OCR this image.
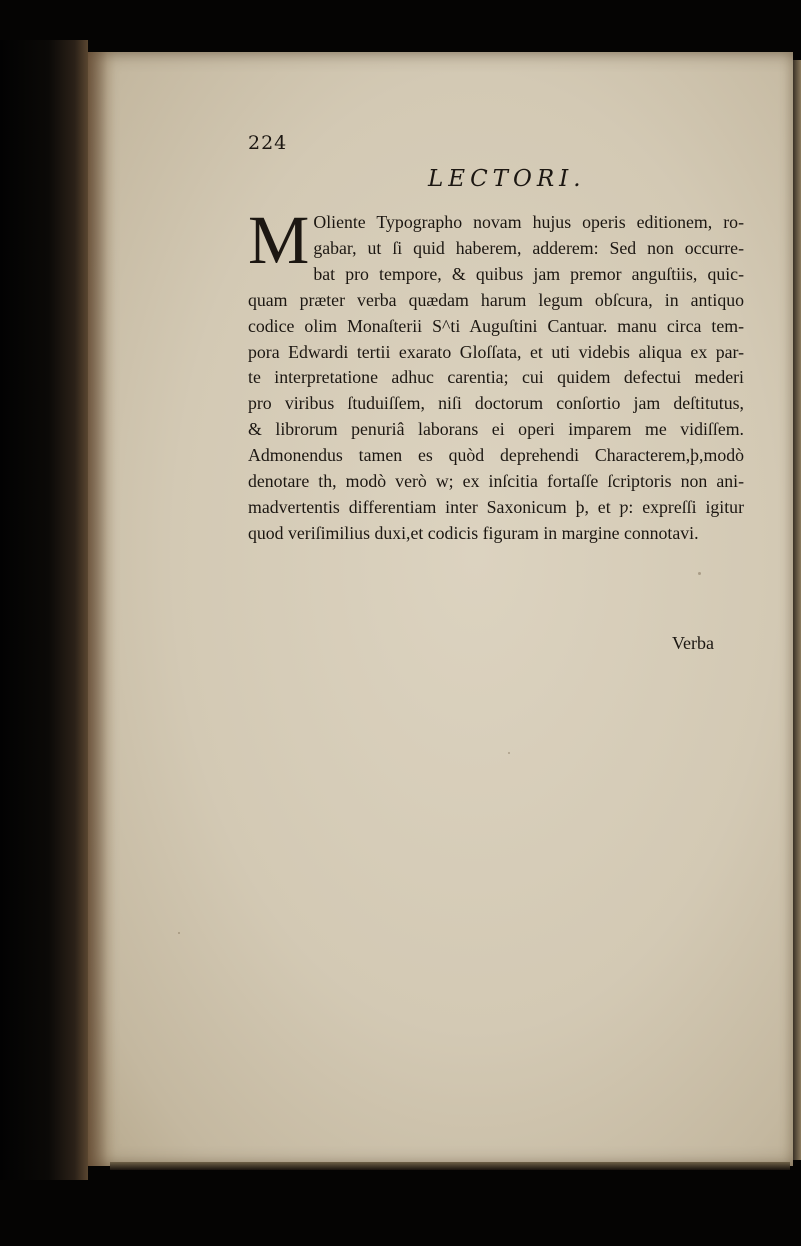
224
LECTORI.
M Oliente Typographo novam hujus operis editionem, ro-
gabar, ut ſi quid haberem, adderem: Sed non occurre-
bat pro tempore, & quibus jam premor anguſtiis, quic-
quam præter verba quædam harum legum obſcura, in antiquo
codice olim Monaſterii S^ti Auguſtini Cantuar. manu circa tem-
pora Edwardi tertii exarato Gloſſata, et uti videbis aliqua ex par-
te interpretatione adhuc carentia; cui quidem defectui mederi
pro viribus ſtuduiſſem, niſi doctorum conſortio jam deſtitutus,
& librorum penuriâ laborans ei operi imparem me vidiſſem.
Admonendus tamen es quòd deprehendi Characterem,þ,modò
denotare th, modò verò w; ex inſcitia fortaſſe ſcriptoris non ani-
madvertentis differentiam inter Saxonicum þ, et ƿ: expreſſi igitur
quod veriſimilius duxi,et codicis figuram in margine connotavi.
Verba
